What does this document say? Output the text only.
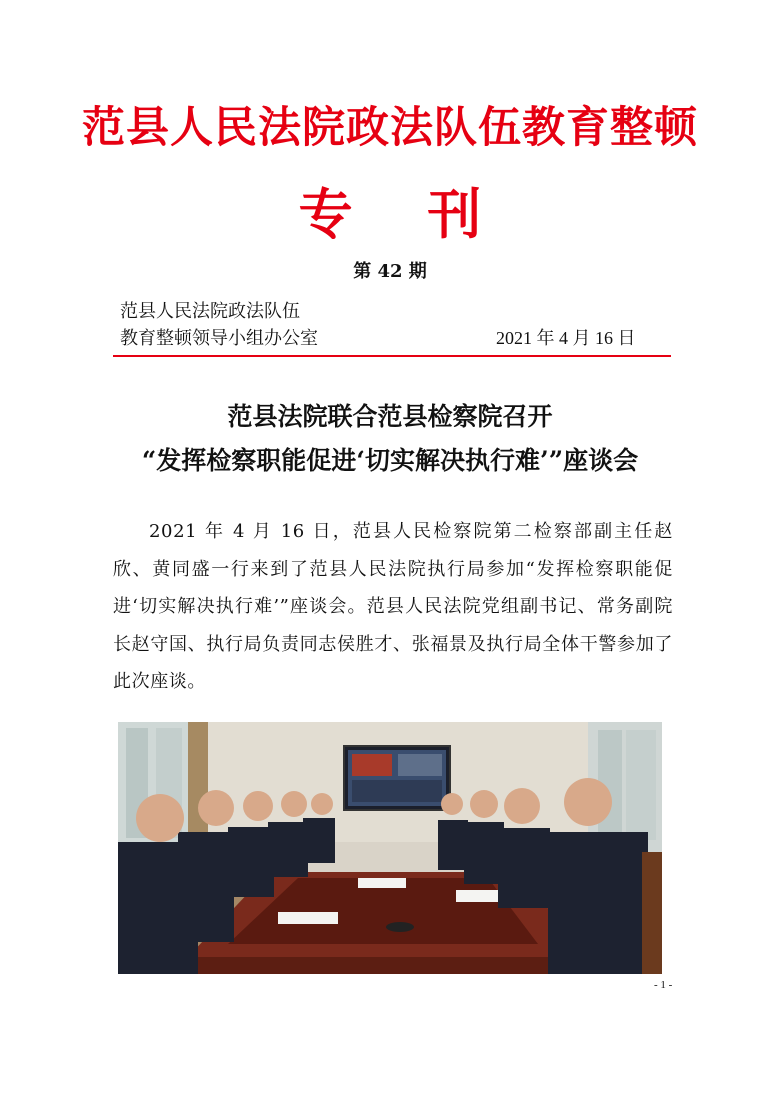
范县人民法院政法队伍教育整顿
专 刊
第 42 期
范县人民法院政法队伍
教育整顿领导小组办公室	2021 年 4 月 16 日
范县法院联合范县检察院召开
“发挥检察职能促进‘切实解决执行难’”座谈会
2021 年 4 月 16 日，范县人民检察院第二检察部副主任赵欣、黄同盛一行来到了范县人民法院执行局参加“发挥检察职能促进‘切实解决执行难’”座谈会。范县人民法院党组副书记、常务副院长赵守国、执行局负责同志侯胜才、张福景及执行局全体干警参加了此次座谈。
- 1 -
